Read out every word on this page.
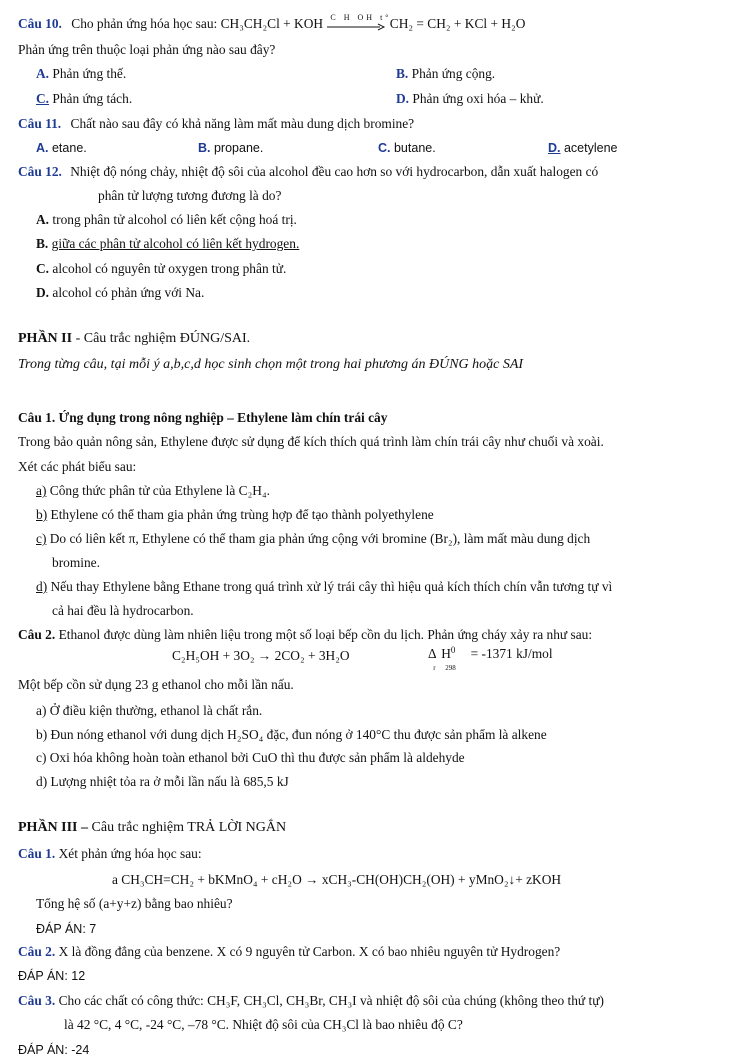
Câu 10. Cho phản ứng hóa học sau: CH₃CH₂Cl + KOH C H OH t°
CH₂ = CH₂ + KCl + H₂O
Phản ứng trên thuộc loại phản ứng nào sau đây?
A. Phản ứng thế.	B. Phản ứng cộng.
C. Phản ứng tách.	D. Phản ứng oxi hóa – khử.
Câu 11. Chất nào sau đây có khả năng làm mất màu dung dịch bromine?
A. etane.	B. propane.	C. butane.	D. acetylene
Câu 12. Nhiệt độ nóng chảy, nhiệt độ sôi của alcohol đều cao hơn so với hydrocarbon, dẫn xuất halogen có
phân tử lượng tương đương là do?
A. trong phân tử alcohol có liên kết cộng hoá trị.
B. giữa các phân tử alcohol có liên kết hydrogen.
C. alcohol có nguyên tử oxygen trong phân tử.
D. alcohol có phản ứng với Na.
PHẦN II - Câu trắc nghiệm ĐÚNG/SAI.
Trong từng câu, tại mỗi ý a,b,c,d học sinh chọn một trong hai phương án ĐÚNG hoặc SAI
Câu 1. Ứng dụng trong nông nghiệp – Ethylene làm chín trái cây
Trong bảo quản nông sản, Ethylene được sử dụng để kích thích quá trình làm chín trái cây như chuối và xoài.
Xét các phát biểu sau:
a) Công thức phân tử của Ethylene là C₂H₄.
b) Ethylene có thể tham gia phản ứng trùng hợp để tạo thành polyethylene
c) Do có liên kết π, Ethylene có thể tham gia phản ứng cộng với bromine (Br₂), làm mất màu dung dịch
bromine.
d) Nếu thay Ethylene bằng Ethane trong quá trình xử lý trái cây thì hiệu quả kích thích chín vẫn tương tự vì
cả hai đều là hydrocarbon.
Câu 2. Ethanol được dùng làm nhiên liệu trong một số loại bếp cồn du lịch. Phản ứng cháy xảy ra như sau:
C₂H₅OH + 3O₂ → 2CO₂ + 3H₂O	Δ $H^0$
r 298
= -1371 kJ/mol
Một bếp cồn sử dụng 23 g ethanol cho mỗi lần nấu.
a) Ở điều kiện thường, ethanol là chất rắn.
b) Đun nóng ethanol với dung dịch H₂SO₄ đặc, đun nóng ở 140°C thu được sản phẩm là alkene
c) Oxi hóa không hoàn toàn ethanol bởi CuO thì thu được sản phẩm là aldehyde
d) Lượng nhiệt tỏa ra ở mỗi lần nấu là 685,5 kJ
PHẦN III – Câu trắc nghiệm TRẢ LỜI NGẮN
Câu 1. Xét phản ứng hóa học sau:
a CH₃CH=CH₂ + bKMnO₄ + cH₂O → xCH₃-CH(OH)CH₂(OH) + yMnO₂↓+ zKOH
Tổng hệ số (a+y+z) bằng bao nhiêu?
ĐÁP ÁN: 7
Câu 2. X là đồng đẳng của benzene. X có 9 nguyên tử Carbon. X có bao nhiêu nguyên tử Hydrogen?
ĐÁP ÁN: 12
Câu 3. Cho các chất có công thức: CH₃F, CH₃Cl, CH₃Br, CH₃I và nhiệt độ sôi của chúng (không theo thứ tự)
là 42 °C, 4 °C, -24 °C, –78 °C. Nhiệt độ sôi của CH₃Cl là bao nhiêu độ C?
ĐÁP ÁN: -24
